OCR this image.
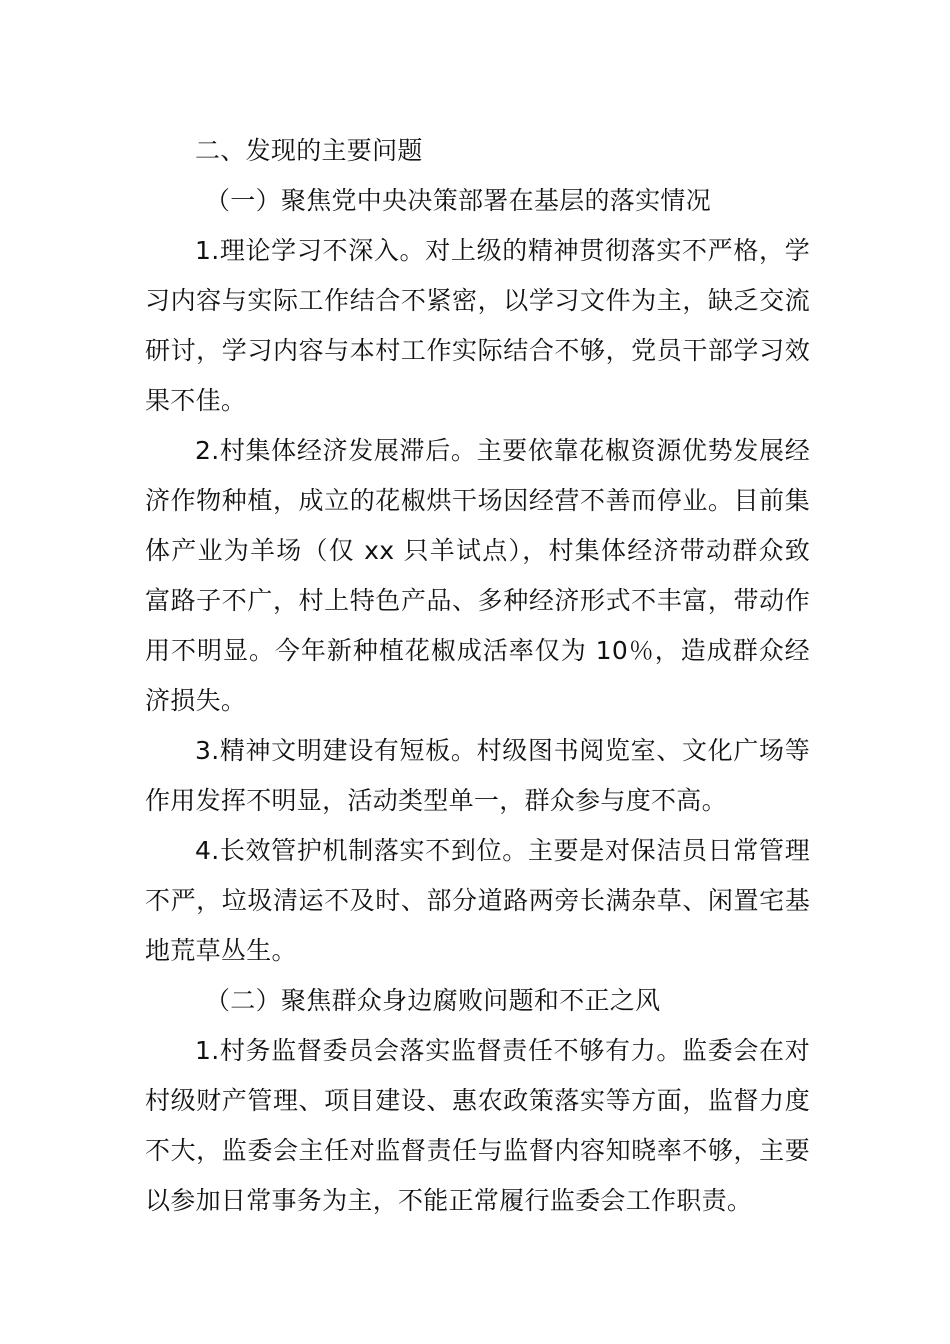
二、发现的主要问题

（一）聚焦党中央决策部署在基层的落实情况

1.理论学习不深入。对上级的精神贯彻落实不严格，学习内容与实际工作结合不紧密，以学习文件为主，缺乏交流研讨，学习内容与本村工作实际结合不够，党员干部学习效果不佳。

2.村集体经济发展滞后。主要依靠花椒资源优势发展经济作物种植，成立的花椒烘干场因经营不善而停业。目前集体产业为羊场（仅 xx 只羊试点），村集体经济带动群众致富路子不广，村上特色产品、多种经济形式不丰富，带动作用不明显。今年新种植花椒成活率仅为 10％，造成群众经济损失。

3.精神文明建设有短板。村级图书阅览室、文化广场等作用发挥不明显，活动类型单一，群众参与度不高。

4.长效管护机制落实不到位。主要是对保洁员日常管理不严，垃圾清运不及时、部分道路两旁长满杂草、闲置宅基地荒草丛生。

（二）聚焦群众身边腐败问题和不正之风

1.村务监督委员会落实监督责任不够有力。监委会在对村级财产管理、项目建设、惠农政策落实等方面，监督力度不大，监委会主任对监督责任与监督内容知晓率不够，主要以参加日常事务为主，不能正常履行监委会工作职责。
